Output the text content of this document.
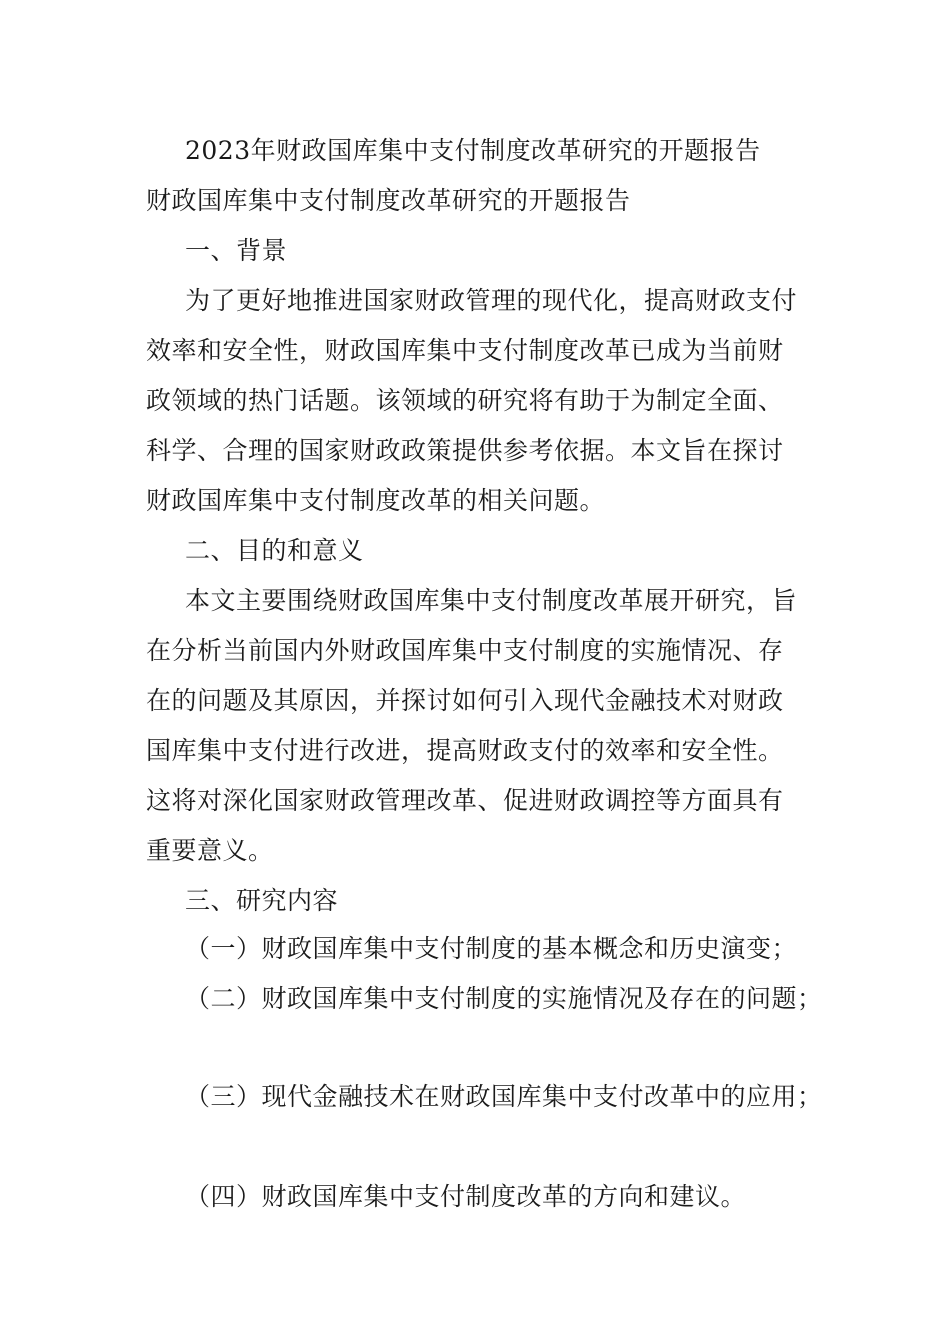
2023年财政国库集中支付制度改革研究的开题报告
财政国库集中支付制度改革研究的开题报告
一、背景
为了更好地推进国家财政管理的现代化，提高财政支付
效率和安全性，财政国库集中支付制度改革已成为当前财
政领域的热门话题。该领域的研究将有助于为制定全面、
科学、合理的国家财政政策提供参考依据。本文旨在探讨
财政国库集中支付制度改革的相关问题。
二、目的和意义
本文主要围绕财政国库集中支付制度改革展开研究，旨
在分析当前国内外财政国库集中支付制度的实施情况、存
在的问题及其原因，并探讨如何引入现代金融技术对财政
国库集中支付进行改进，提高财政支付的效率和安全性。
这将对深化国家财政管理改革、促进财政调控等方面具有
重要意义。
三、研究内容
（一）财政国库集中支付制度的基本概念和历史演变；
（二）财政国库集中支付制度的实施情况及存在的问题；
（三）现代金融技术在财政国库集中支付改革中的应用；
（四）财政国库集中支付制度改革的方向和建议。
